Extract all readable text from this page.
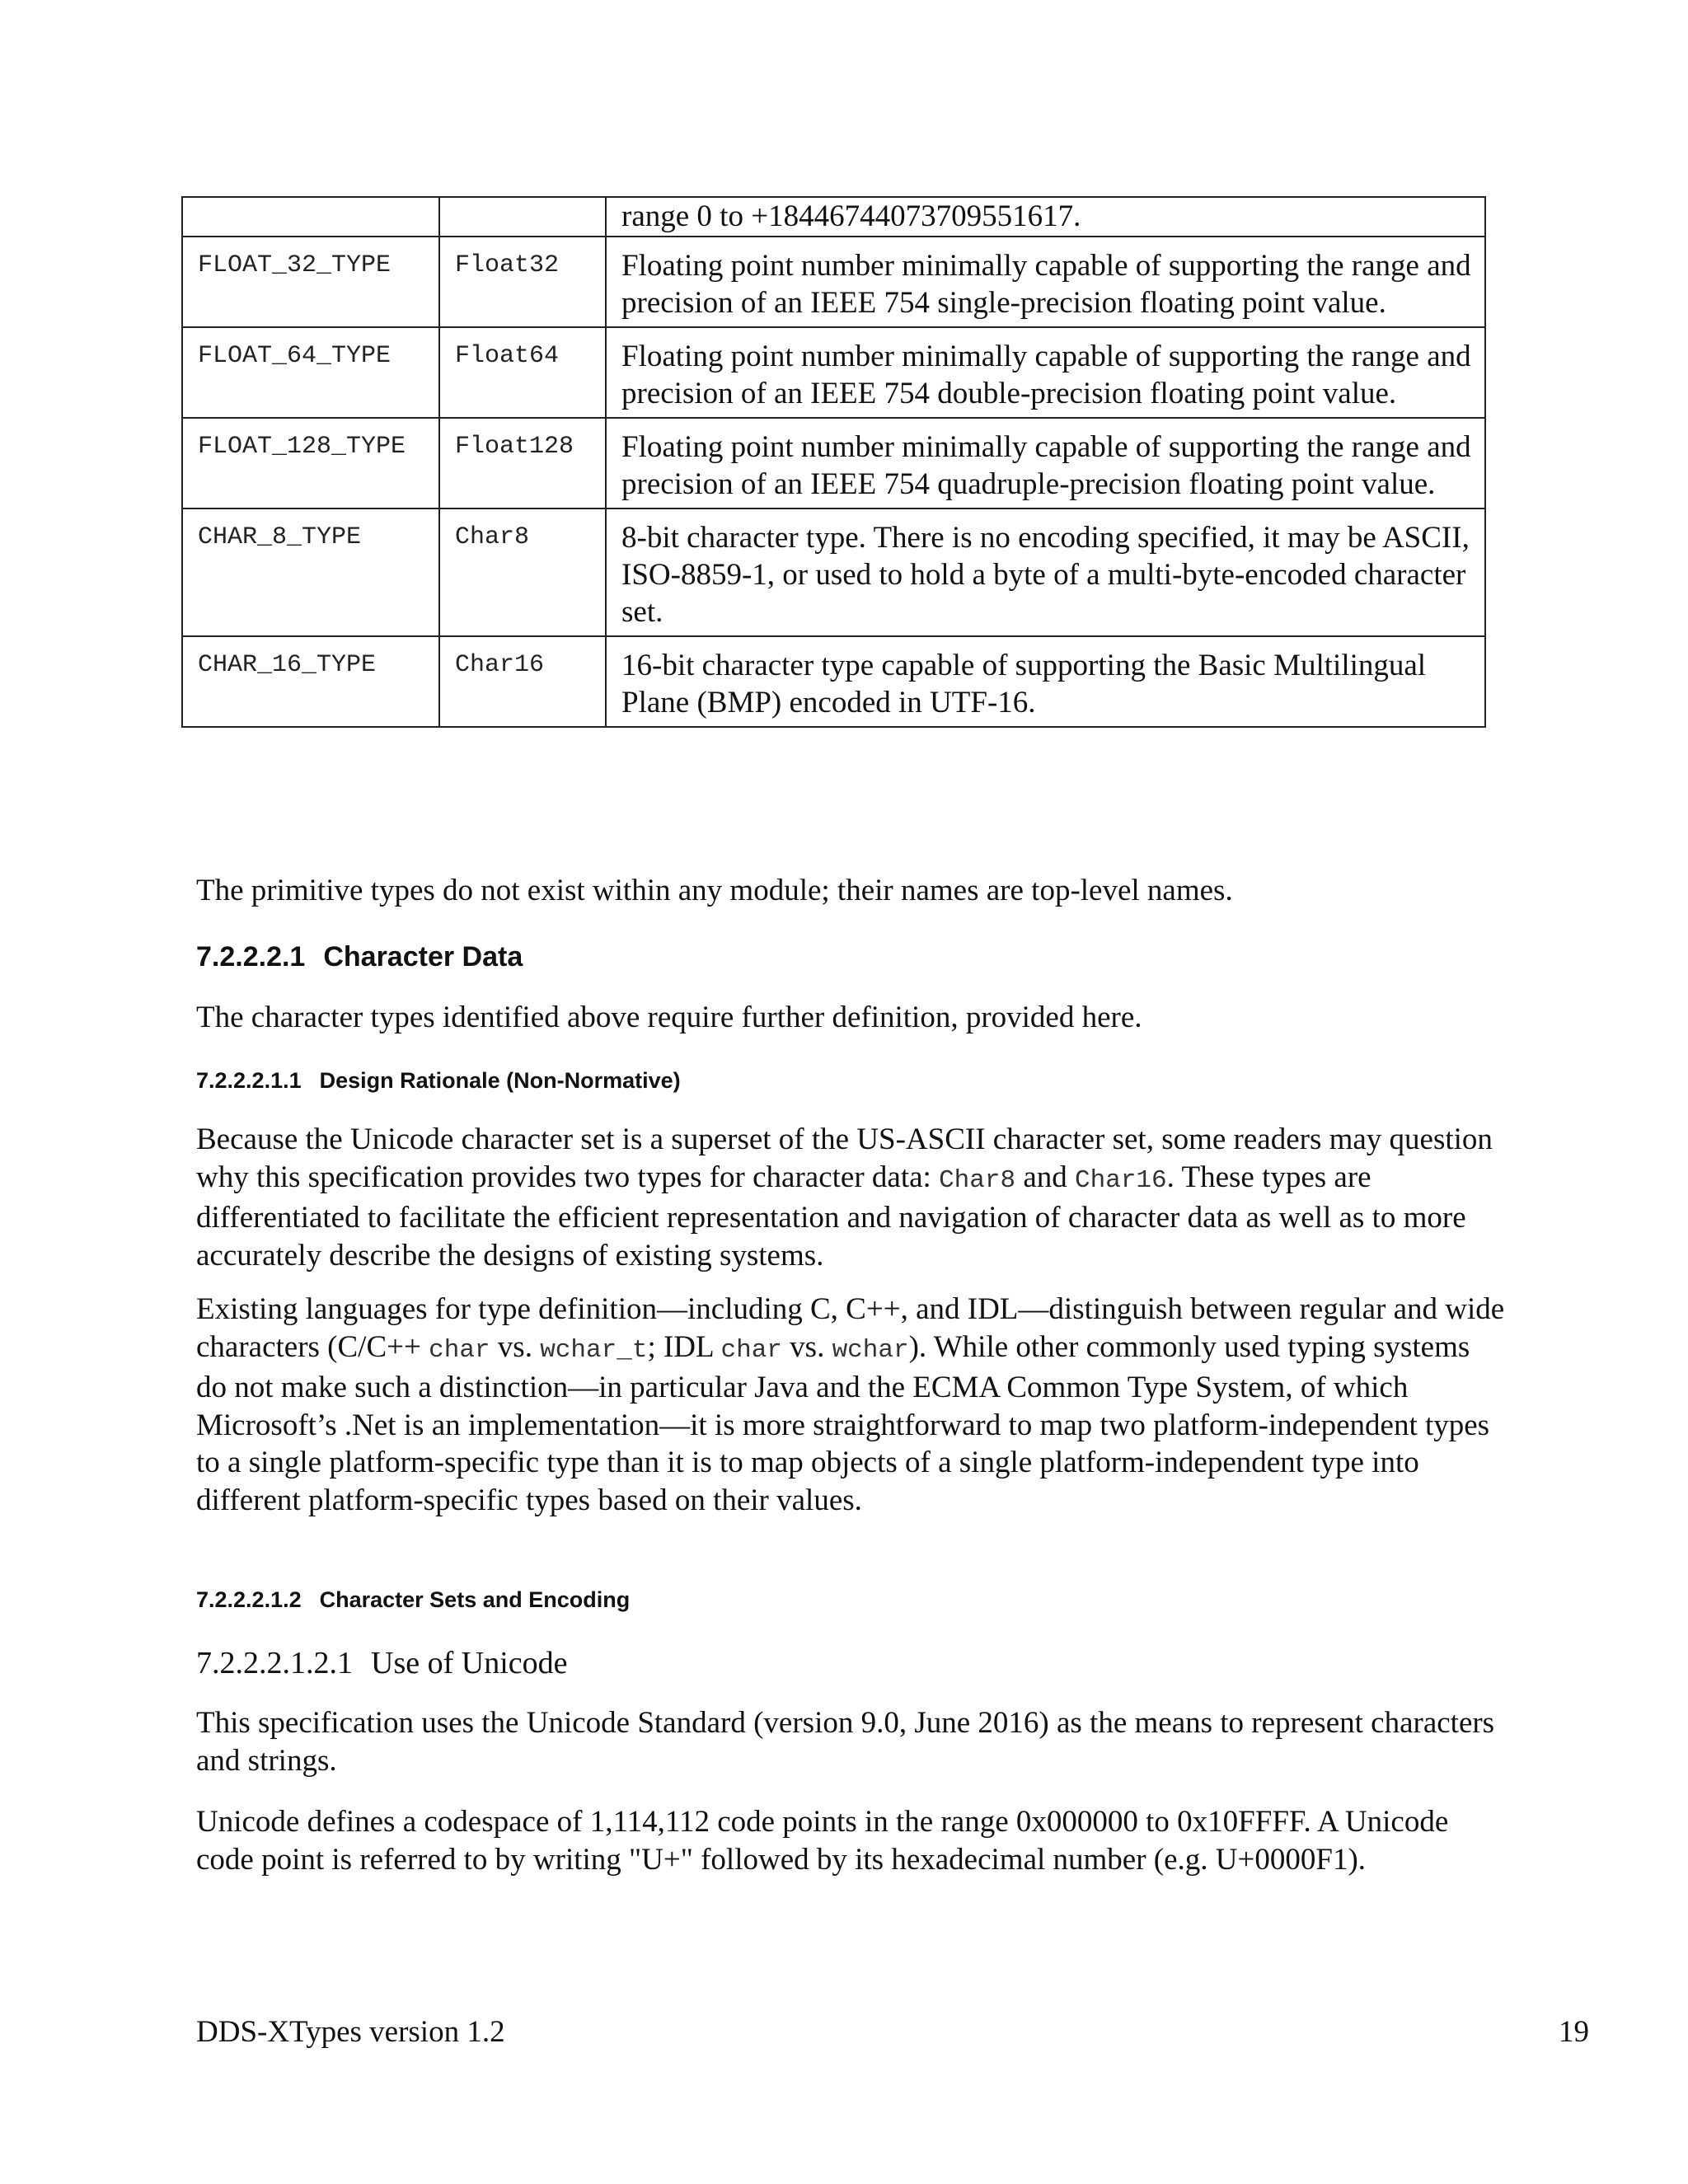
		range 0 to +18446744073709551617.

FLOAT_32_TYPE	Float32	Floating point number minimally capable of supporting the range and precision of an IEEE 754 single-precision floating point value.

FLOAT_64_TYPE	Float64	Floating point number minimally capable of supporting the range and precision of an IEEE 754 double-precision floating point value.

FLOAT_128_TYPE	Float128	Floating point number minimally capable of supporting the range and precision of an IEEE 754 quadruple-precision floating point value.

CHAR_8_TYPE	Char8	8-bit character type. There is no encoding specified, it may be ASCII, ISO-8859-1, or used to hold a byte of a multi-byte-encoded character set.

CHAR_16_TYPE	Char16	16-bit character type capable of supporting the Basic Multilingual Plane (BMP) encoded in UTF-16.

The primitive types do not exist within any module; their names are top-level names.

7.2.2.2.1 Character Data

The character types identified above require further definition, provided here.

7.2.2.2.1.1 Design Rationale (Non-Normative)

Because the Unicode character set is a superset of the US-ASCII character set, some readers may question why this specification provides two types for character data: Char8 and Char16. These types are differentiated to facilitate the efficient representation and navigation of character data as well as to more accurately describe the designs of existing systems.

Existing languages for type definition—including C, C++, and IDL—distinguish between regular and wide characters (C/C++ char vs. wchar_t; IDL char vs. wchar). While other commonly used typing systems do not make such a distinction—in particular Java and the ECMA Common Type System, of which Microsoft’s .Net is an implementation—it is more straightforward to map two platform-independent types to a single platform-specific type than it is to map objects of a single platform-independent type into different platform-specific types based on their values.

7.2.2.2.1.2 Character Sets and Encoding
7.2.2.2.1.2.1 Use of Unicode

This specification uses the Unicode Standard (version 9.0, June 2016) as the means to represent characters and strings.

Unicode defines a codespace of 1,114,112 code points in the range 0x000000 to 0x10FFFF. A Unicode code point is referred to by writing "U+" followed by its hexadecimal number (e.g. U+0000F1).

DDS-XTypes version 1.2	19
